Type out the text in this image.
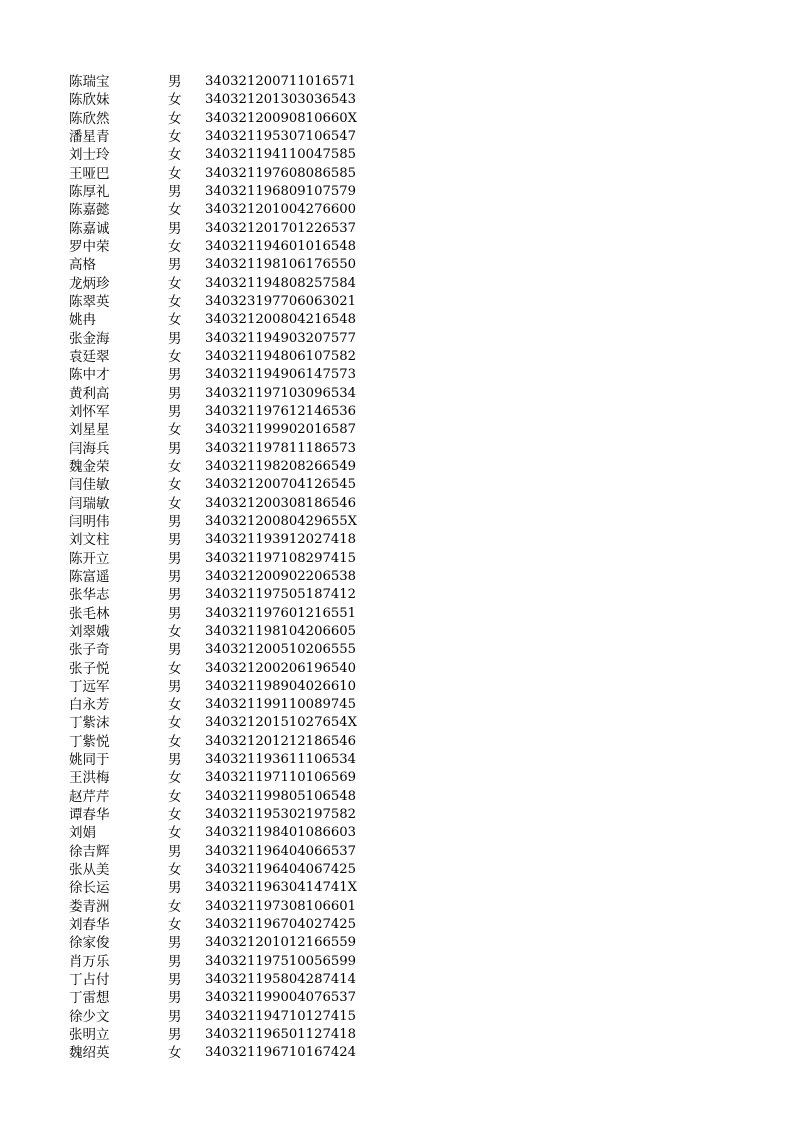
陈瑞宝	男 340321200711016571
陈欣妹	女 340321201303036543
陈欣然	女 34032120090810660X
潘星青	女 340321195307106547
刘士玲	女 340321194110047585
王哑巴	女 340321197608086585
陈厚礼	男 340321196809107579
陈嘉懿	女 340321201004276600
陈嘉诚	男 340321201701226537
罗中荣	女 340321194601016548
高格	男 340321198106176550
龙炳珍	女 340321194808257584
陈翠英	女 340323197706063021
姚冉	女 340321200804216548
张金海	男 340321194903207577
袁廷翠	女 340321194806107582
陈中才	男 340321194906147573
黄利高	男 340321197103096534
刘怀军	男 340321197612146536
刘星星	女 340321199902016587
闫海兵	男 340321197811186573
魏金荣	女 340321198208266549
闫佳敏	女 340321200704126545
闫瑞敏	女 340321200308186546
闫明伟	男 34032120080429655X
刘文柱	男 340321193912027418
陈开立	男 340321197108297415
陈富遥	男 340321200902206538
张华志	男 340321197505187412
张毛林	男 340321197601216551
刘翠娥	女 340321198104206605
张子奇	男 340321200510206555
张子悦	女 340321200206196540
丁远军	男 340321198904026610
白永芳	女 340321199110089745
丁紫沫	女 34032120151027654X
丁紫悦	女 340321201212186546
姚同于	男 340321193611106534
王洪梅	女 340321197110106569
赵芹芹	女 340321199805106548
谭春华	女 340321195302197582
刘娟	女 340321198401086603
徐吉辉	男 340321196404066537
张从美	女 340321196404067425
徐长运	男 34032119630414741X
娄青洲	女 340321197308106601
刘春华	女 340321196704027425
徐家俊	男 340321201012166559
肖万乐	男 340321197510056599
丁占付	男 340321195804287414
丁雷想	男 340321199004076537
徐少文	男 340321194710127415
张明立	男 340321196501127418
魏绍英	女 340321196710167424
